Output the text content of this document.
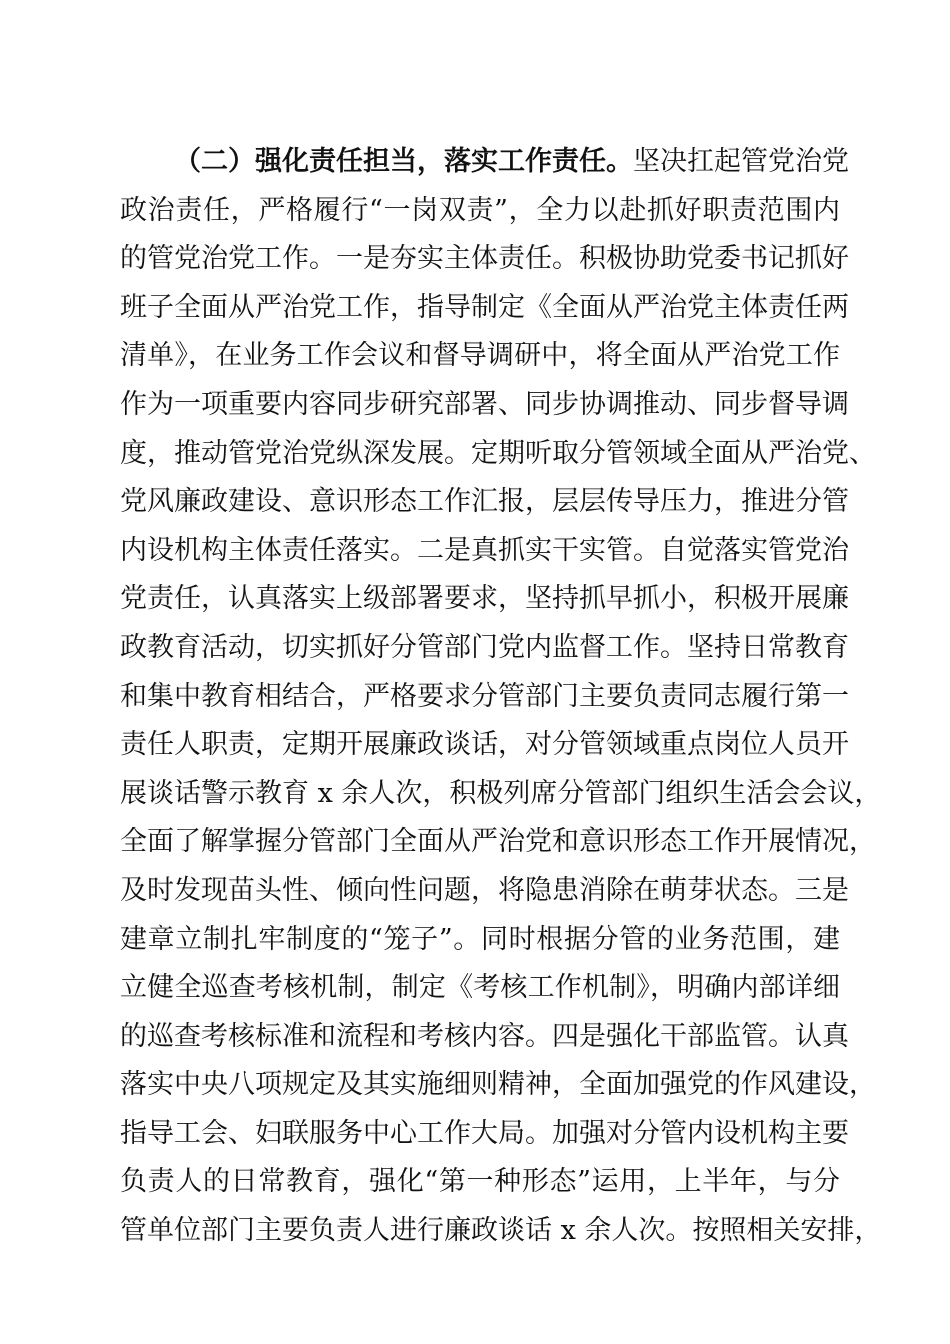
（二）强化责任担当，落实工作责任。坚决扛起管党治党
政治责任，严格履行“一岗双责”，全力以赴抓好职责范围内
的管党治党工作。一是夯实主体责任。积极协助党委书记抓好
班子全面从严治党工作，指导制定《全面从严治党主体责任两
清单》，在业务工作会议和督导调研中，将全面从严治党工作
作为一项重要内容同步研究部署、同步协调推动、同步督导调
度，推动管党治党纵深发展。定期听取分管领域全面从严治党、
党风廉政建设、意识形态工作汇报，层层传导压力，推进分管
内设机构主体责任落实。二是真抓实干实管。自觉落实管党治
党责任，认真落实上级部署要求，坚持抓早抓小，积极开展廉
政教育活动，切实抓好分管部门党内监督工作。坚持日常教育
和集中教育相结合，严格要求分管部门主要负责同志履行第一
责任人职责，定期开展廉政谈话，对分管领域重点岗位人员开
展谈话警示教育 x 余人次，积极列席分管部门组织生活会会议，
全面了解掌握分管部门全面从严治党和意识形态工作开展情况，
及时发现苗头性、倾向性问题，将隐患消除在萌芽状态。三是
建章立制扎牢制度的“笼子”。同时根据分管的业务范围，建
立健全巡查考核机制，制定《考核工作机制》，明确内部详细
的巡查考核标准和流程和考核内容。四是强化干部监管。认真
落实中央八项规定及其实施细则精神，全面加强党的作风建设，
指导工会、妇联服务中心工作大局。加强对分管内设机构主要
负责人的日常教育，强化“第一种形态”运用，上半年，与分
管单位部门主要负责人进行廉政谈话 x 余人次。按照相关安排，
